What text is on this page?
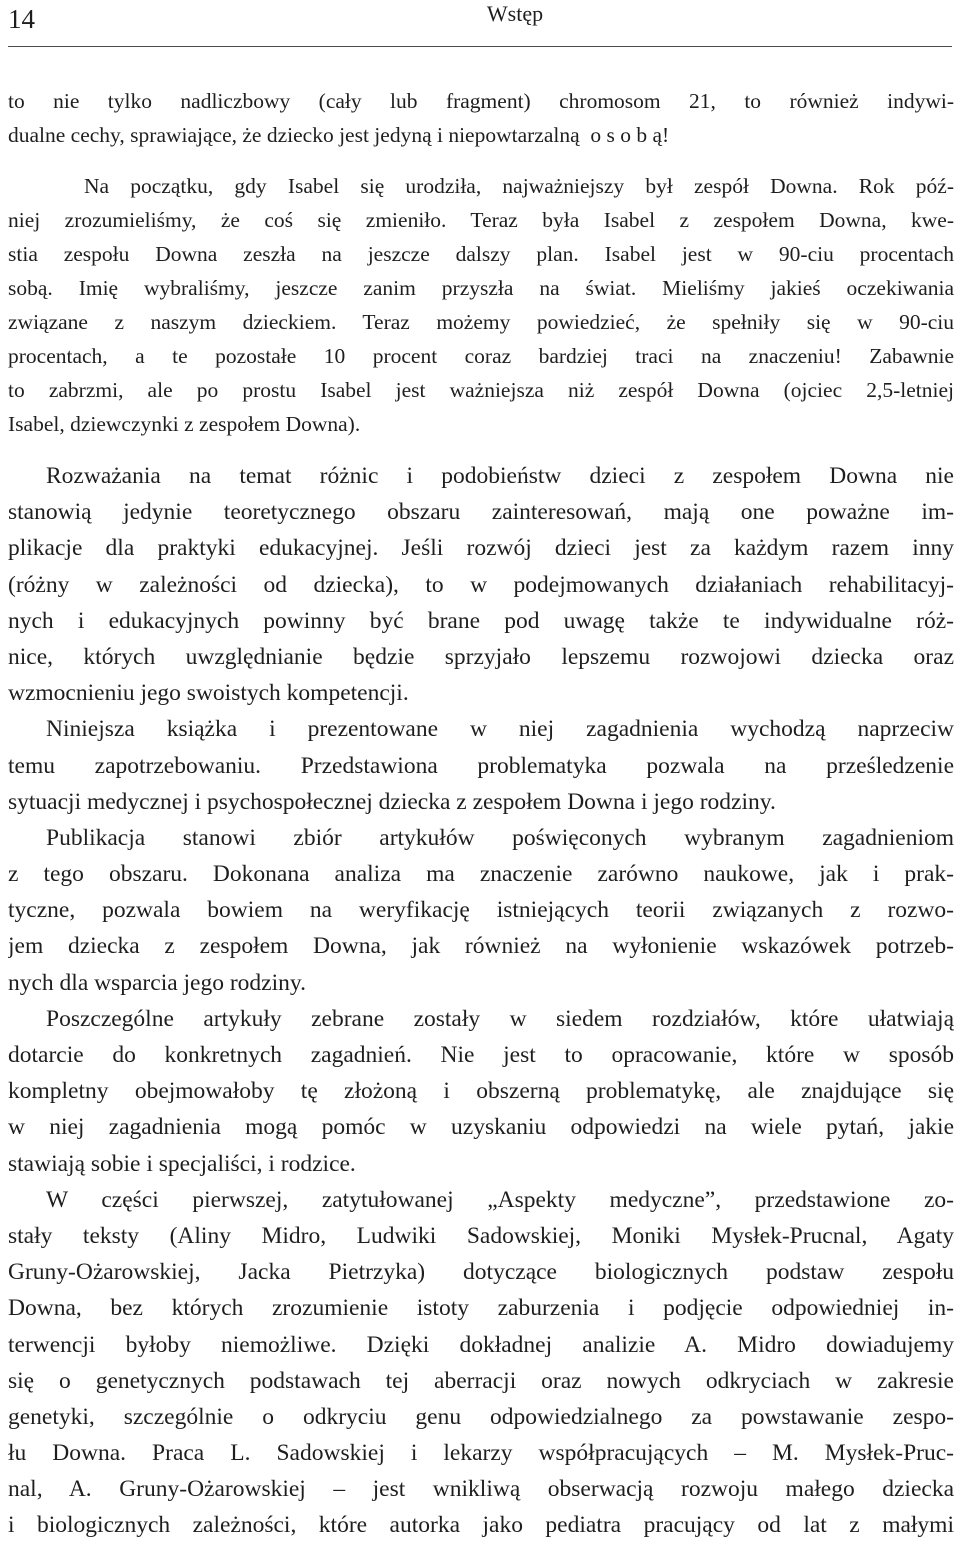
14	Wstęp
to nie tylko nadliczbowy (cały lub fragment) chromosom 21, to również indywi-
dualne cechy, sprawiające, że dziecko jest jedyną i niepowtarzalną  o s o b ą!
Na początku, gdy Isabel się urodziła, najważniejszy był zespół Downa. Rok póź-
niej zrozumieliśmy, że coś się zmieniło. Teraz była Isabel z zespołem Downa, kwe-
stia zespołu Downa zeszła na jeszcze dalszy plan. Isabel jest w 90-ciu procentach
sobą. Imię wybraliśmy, jeszcze zanim przyszła na świat. Mieliśmy jakieś oczekiwania
związane z naszym dzieckiem. Teraz możemy powiedzieć, że spełniły się w 90-ciu
procentach, a te pozostałe 10 procent coraz bardziej traci na znaczeniu! Zabawnie
to zabrzmi, ale po prostu Isabel jest ważniejsza niż zespół Downa (ojciec 2,5-letniej
Isabel, dziewczynki z zespołem Downa).
Rozważania na temat różnic i podobieństw dzieci z zespołem Downa nie
stanowią jedynie teoretycznego obszaru zainteresowań, mają one poważne im-
plikacje dla praktyki edukacyjnej. Jeśli rozwój dzieci jest za każdym razem inny
(różny w zależności od dziecka), to w podejmowanych działaniach rehabilitacyj-
nych i edukacyjnych powinny być brane pod uwagę także te indywidualne róż-
nice, których uwzględnianie będzie sprzyjało lepszemu rozwojowi dziecka oraz
wzmocnieniu jego swoistych kompetencji.
Niniejsza książka i prezentowane w niej zagadnienia wychodzą naprzeciw
temu zapotrzebowaniu. Przedstawiona problematyka pozwala na prześledzenie
sytuacji medycznej i psychospołecznej dziecka z zespołem Downa i jego rodziny.
Publikacja stanowi zbiór artykułów poświęconych wybranym zagadnieniom
z tego obszaru. Dokonana analiza ma znaczenie zarówno naukowe, jak i prak-
tyczne, pozwala bowiem na weryfikację istniejących teorii związanych z rozwo-
jem dziecka z zespołem Downa, jak również na wyłonienie wskazówek potrzeb-
nych dla wsparcia jego rodziny.
Poszczególne artykuły zebrane zostały w siedem rozdziałów, które ułatwiają
dotarcie do konkretnych zagadnień. Nie jest to opracowanie, które w sposób
kompletny obejmowałoby tę złożoną i obszerną problematykę, ale znajdujące się
w niej zagadnienia mogą pomóc w uzyskaniu odpowiedzi na wiele pytań, jakie
stawiają sobie i specjaliści, i rodzice.
W części pierwszej, zatytułowanej „Aspekty medyczne”, przedstawione zo-
stały teksty (Aliny Midro, Ludwiki Sadowskiej, Moniki Mysłek-Prucnal, Agaty
Gruny-Ożarowskiej, Jacka Pietrzyka) dotyczące biologicznych podstaw zespołu
Downa, bez których zrozumienie istoty zaburzenia i podjęcie odpowiedniej in-
terwencji byłoby niemożliwe. Dzięki dokładnej analizie A. Midro dowiadujemy
się o genetycznych podstawach tej aberracji oraz nowych odkryciach w zakresie
genetyki, szczególnie o odkryciu genu odpowiedzialnego za powstawanie zespo-
łu Downa. Praca L. Sadowskiej i lekarzy współpracujących – M. Mysłek-Pruc-
nal, A. Gruny-Ożarowskiej – jest wnikliwą obserwacją rozwoju małego dziecka
i biologicznych zależności, które autorka jako pediatra pracujący od lat z małymi
